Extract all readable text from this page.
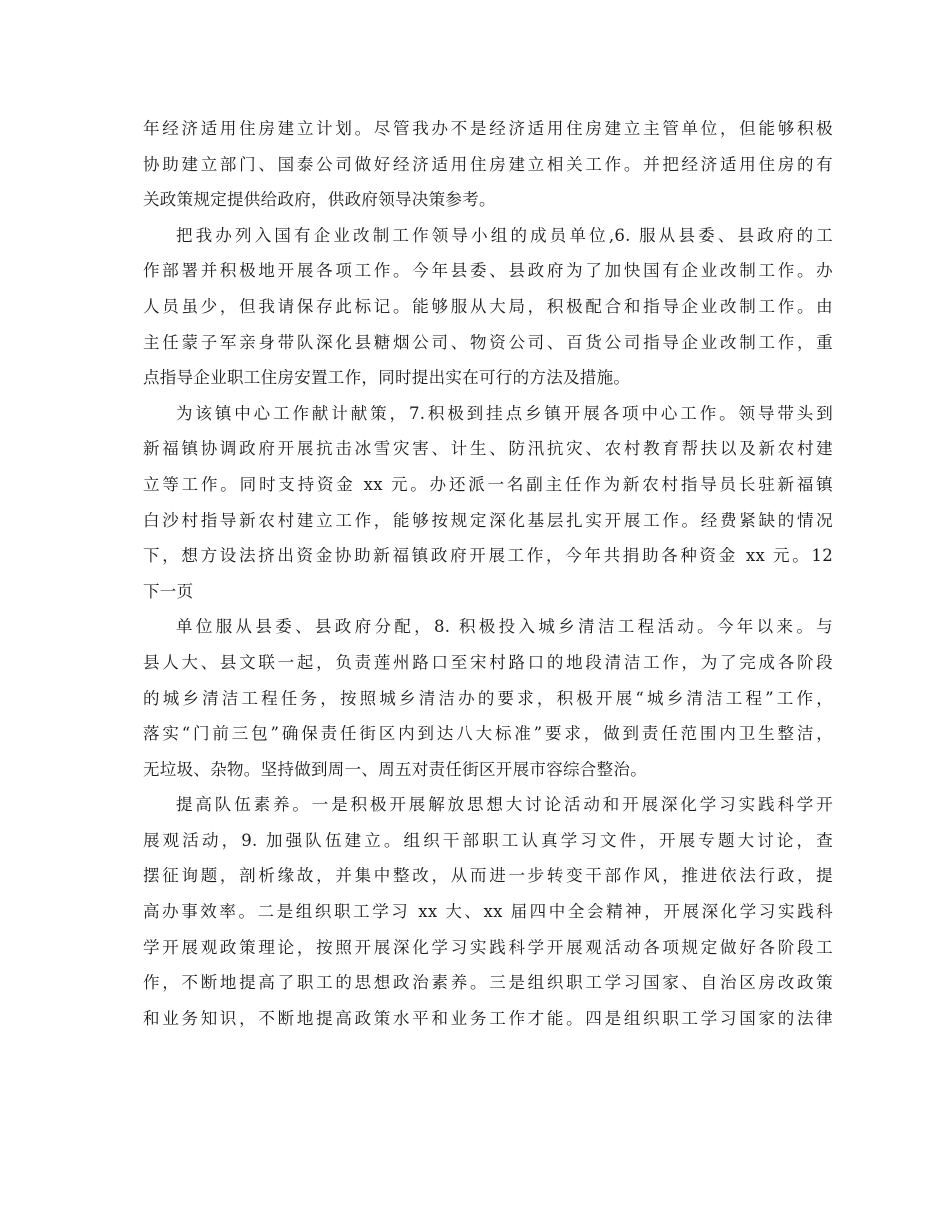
年经济适用住房建立计划。尽管我办不是经济适用住房建立主管单位，但能够积极
协助建立部门、国泰公司做好经济适用住房建立相关工作。并把经济适用住房的有
关政策规定提供给政府，供政府领导决策参考。
把我办列入国有企业改制工作领导小组的成员单位,6. 服从县委、县政府的工
作部署并积极地开展各项工作。今年县委、县政府为了加快国有企业改制工作。办
人员虽少，但我请保存此标记。能够服从大局，积极配合和指导企业改制工作。由
主任蒙子军亲身带队深化县糖烟公司、物资公司、百货公司指导企业改制工作，重
点指导企业职工住房安置工作，同时提出实在可行的方法及措施。
为该镇中心工作献计献策，7.积极到挂点乡镇开展各项中心工作。领导带头到
新福镇协调政府开展抗击冰雪灾害、计生、防汛抗灾、农村教育帮扶以及新农村建
立等工作。同时支持资金 xx 元。办还派一名副主任作为新农村指导员长驻新福镇
白沙村指导新农村建立工作，能够按规定深化基层扎实开展工作。经费紧缺的情况
下，想方设法挤出资金协助新福镇政府开展工作，今年共捐助各种资金 xx 元。12
下一页
单位服从县委、县政府分配，8. 积极投入城乡清洁工程活动。今年以来。与
县人大、县文联一起，负责莲州路口至宋村路口的地段清洁工作，为了完成各阶段
的城乡清洁工程任务，按照城乡清洁办的要求，积极开展“城乡清洁工程”工作，
落实“门前三包”确保责任街区内到达八大标准”要求，做到责任范围内卫生整洁，
无垃圾、杂物。坚持做到周一、周五对责任街区开展市容综合整治。
提高队伍素养。一是积极开展解放思想大讨论活动和开展深化学习实践科学开
展观活动，9. 加强队伍建立。组织干部职工认真学习文件，开展专题大讨论，查
摆征询题，剖析缘故，并集中整改，从而进一步转变干部作风，推进依法行政，提
高办事效率。二是组织职工学习 xx 大、xx 届四中全会精神，开展深化学习实践科
学开展观政策理论，按照开展深化学习实践科学开展观活动各项规定做好各阶段工
作，不断地提高了职工的思想政治素养。三是组织职工学习国家、自治区房改政策
和业务知识，不断地提高政策水平和业务工作才能。四是组织职工学习国家的法律
